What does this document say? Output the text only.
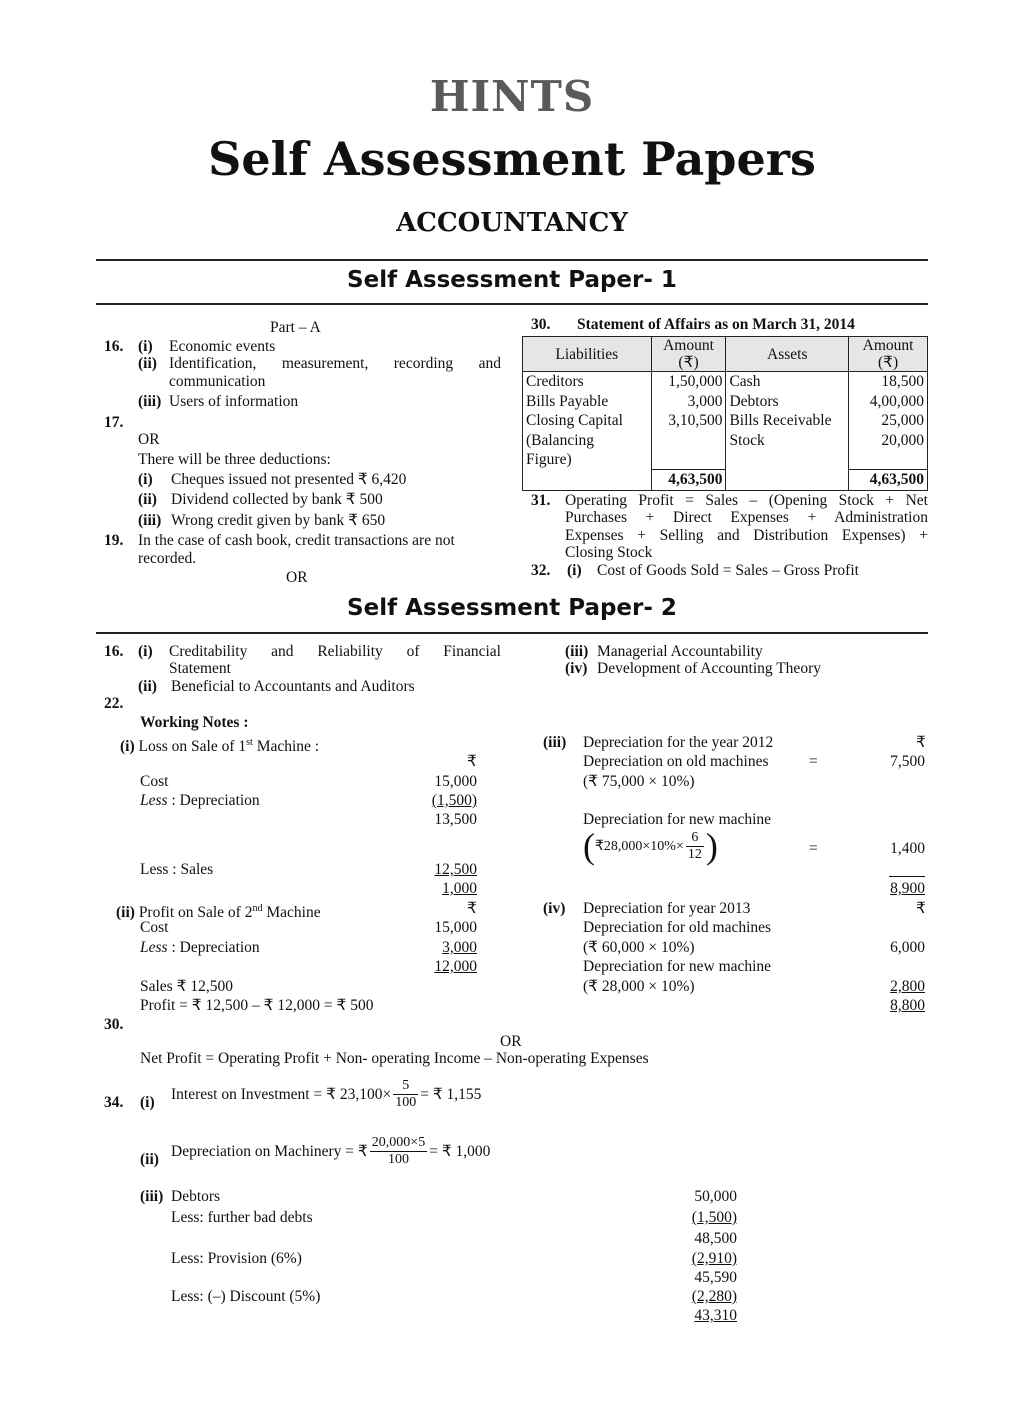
HINTS
Self Assessment Papers
ACCOUNTANCY
Self Assessment Paper- 1
Part – A
16. (i) Economic events
(ii) Identification, measurement, recording and
communication
(iii) Users of information
17.
OR
There will be three deductions:
(i) Cheques issued not presented ₹ 6,420
(ii) Dividend collected by bank ₹ 500
(iii) Wrong credit given by bank ₹ 650
19. In the case of cash book, credit transactions are not
recorded.
OR
30. Statement of Affairs as on March 31, 2014
Liabilities	Amount
(₹)	Assets	Amount
(₹)
Creditors	1,50,000	Cash	18,500
Bills Payable	3,000	Debtors	4,00,000
Closing Capital	3,10,500	Bills Receivable	25,000
(Balancing		Stock	20,000
Figure)			
	4,63,500		4,63,500
31. Operating Profit = Sales – (Opening Stock + Net
Purchases + Direct Expenses + Administration
Expenses + Selling and Distribution Expenses) +
Closing Stock
32. (i) Cost of Goods Sold = Sales – Gross Profit
Self Assessment Paper- 2
16. (i) Creditability and Reliability of Financial
Statement
(ii) Beneficial to Accountants and Auditors
(iii) Managerial Accountability
(iv) Development of Accounting Theory
22.
Working Notes :
(i) Loss on Sale of 1st Machine :
₹
Cost	15,000
Less : Depreciation	(1,500)
13,500
Less : Sales	12,500
1,000
(ii) Profit on Sale of 2nd Machine	₹
Cost	15,000
Less : Depreciation	3,000
12,000
Sales ₹ 12,500
Profit = ₹ 12,500 – ₹ 12,000 = ₹ 500
(iii) Depreciation for the year 2012	₹
Depreciation on old machines	=	7,500
(₹ 75,000 × 10%)
Depreciation for new machine
(₹28,000×10%× $\frac{6}{12}$ )	=	1,400
8,900
(iv) Depreciation for year 2013	₹
Depreciation for old machines
(₹ 60,000 × 10%)	6,000
Depreciation for new machine
(₹ 28,000 × 10%)	2,800
8,800
30.
OR
Net Profit = Operating Profit + Non- operating Income – Non-operating Expenses
34. (i) Interest on Investment = ₹ $23,100\times \frac{5}{100}$ = ₹ 1,155
(ii) Depreciation on Machinery = ₹ $\frac{20,000\times 5}{100}$ = ₹ 1,000
(iii) Debtors	50,000
Less: further bad debts	(1,500)
48,500
Less: Provision (6%)	(2,910)
45,590
Less: (–) Discount (5%)	(2,280)
43,310
